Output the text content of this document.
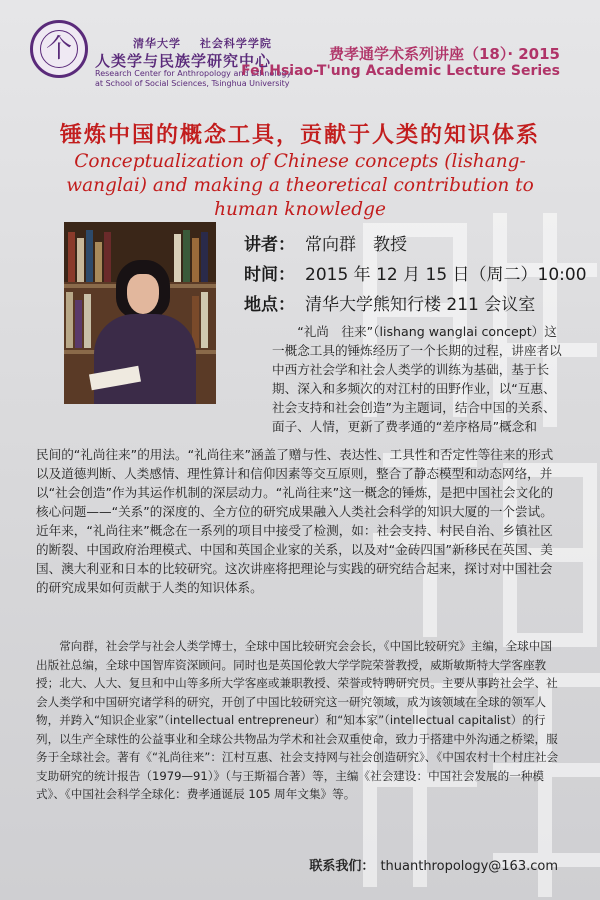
个	清华大学 社会科学学院
人类学与民族学研究中心
Research Center for Anthropology and Ethnology
at School of Social Sciences, Tsinghua University
费孝通学术系列讲座（18）· 2015
Fei Hsiao-T'ung Academic Lecture Series
锤炼中国的概念工具，贡献于人类的知识体系
Conceptualization of Chinese concepts (lishang-wanglai) and making a theoretical contribution to human knowledge
讲者： 常向群　教授
时间： 2015 年 12 月 15 日（周二）10:00
地点： 清华大学熊知行楼 211 会议室
“礼尚　往来”（lishang wanglai concept）这一概念工具的锤炼经历了一个长期的过程，讲座者以中西方社会学和社会人类学的训练为基础，基于长期、深入和多频次的对江村的田野作业，以“互惠、社会支持和社会创造”为主题词，结合中国的关系、面子、人情，更新了费孝通的“差序格局”概念和
民间的“礼尚往来”的用法。“礼尚往来”涵盖了赠与性、表达性、工具性和否定性等往来的形式以及道德判断、人类感情、理性算计和信仰因素等交互原则，整合了静态模型和动态网络，并以“社会创造”作为其运作机制的深层动力。“礼尚往来”这一概念的锤炼，是把中国社会文化的核心问题——“关系”的深度的、全方位的研究成果融入人类社会科学的知识大厦的一个尝试。近年来，“礼尚往来”概念在一系列的项目中接受了检测，如：社会支持、村民自治、乡镇社区的断裂、中国政府治理模式、中国和英国企业家的关系，以及对“金砖四国”新移民在英国、美国、澳大利亚和日本的比较研究。这次讲座将把理论与实践的研究结合起来，探讨对中国社会的研究成果如何贡献于人类的知识体系。
常向群，社会学与社会人类学博士，全球中国比较研究会会长，《中国比较研究》主编，全球中国出版社总编，全球中国智库资深顾问。同时也是英国伦敦大学学院荣誉教授，威斯敏斯特大学客座教授；北大、人大、复旦和中山等多所大学客座或兼职教授、荣誉或特聘研究员。主要从事跨社会学、社会人类学和中国研究诸学科的研究，开创了中国比较研究这一研究领域，成为该领域在全球的领军人物，并跨入“知识企业家”（intellectual entrepreneur）和“知本家”（intellectual capitalist）的行列，以生产全球性的公益事业和全球公共物品为学术和社会双重使命，致力于搭建中外沟通之桥梁，服务于全球社会。著有《“礼尚往来”：江村互惠、社会支持网与社会创造研究》、《中国农村十个村庄社会支助研究的统计报告（1979—91）》（与王斯福合著）等，主编《社会建设：中国社会发展的一种模式》、《中国社会科学全球化：费孝通诞辰 105 周年文集》等。
联系我们： thuanthropology@163.com
